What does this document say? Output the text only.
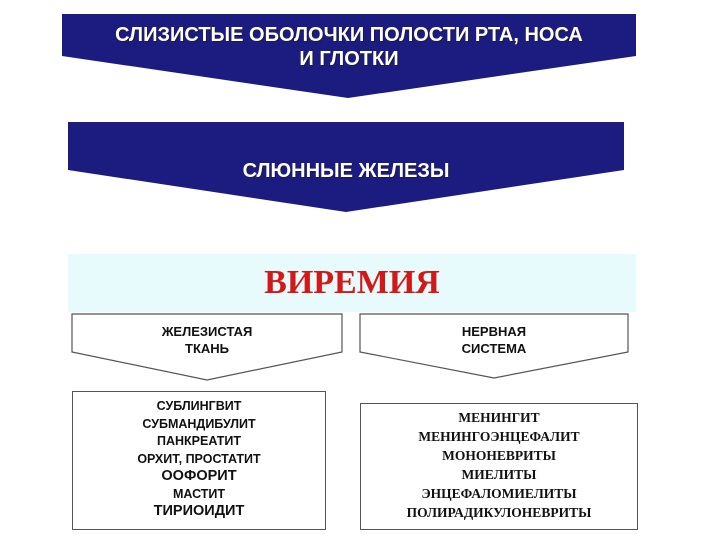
СЛИЗИСТЫЕ ОБОЛОЧКИ ПОЛОСТИ РТА, НОСА
И ГЛОТКИ
СЛЮННЫЕ ЖЕЛЕЗЫ
ВИРЕМИЯ
ЖЕЛЕЗИСТАЯ
ТКАНЬ
НЕРВНАЯ
СИСТЕМА
СУБЛИНГВИТ
СУБМАНДИБУЛИТ
ПАНКРЕАТИТ
ОРХИТ, ПРОСТАТИТ
ООФОРИТ
МАСТИТ
ТИРИОИДИТ
МЕНИНГИТ
МЕНИНГОЭНЦЕФАЛИТ
МОНОНЕВРИТЫ
МИЕЛИТЫ
ЭНЦЕФАЛОМИЕЛИТЫ
ПОЛИРАДИКУЛОНЕВРИТЫ
